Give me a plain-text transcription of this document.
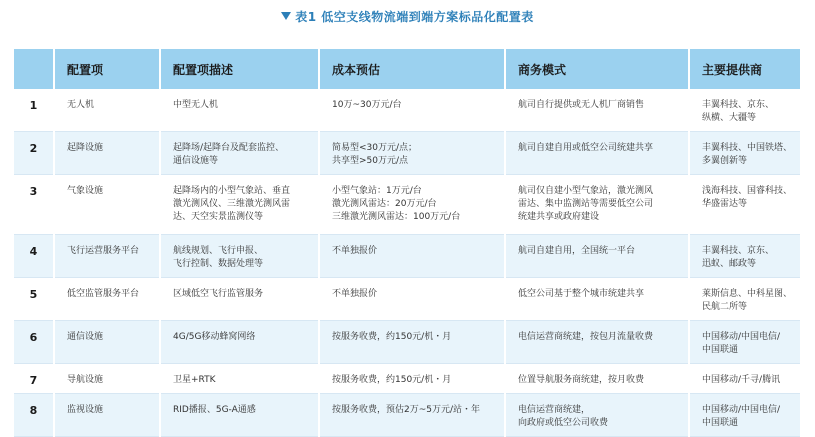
表1 低空支线物流端到端方案标品化配置表
	配置项	配置项描述	成本预估	商务模式	主要提供商
1	无人机	中型无人机	10万~30万元/台	航司自行提供或无人机厂商销售	丰翼科技、京东、
纵横、大疆等

2	起降设施	起降场/起降台及配套监控、
通信设施等	简易型<30万元/点；
共享型>50万元/点	航司自建自用或低空公司统建共享	丰翼科技、中国铁塔、
多翼创新等

3	气象设施	起降场内的小型气象站、垂直
激光测风仪、三维激光测风雷
达、天空实景监测仪等	小型气象站：1万元/台
激光测风雷达：20万元/台
三维激光测风雷达：100万元/台	航司仅自建小型气象站，激光测风
雷达、集中监测站等需要低空公司
统建共享或政府建设	浅海科技、国睿科技、
华盛雷达等

4	飞行运营服务平台	航线规划、飞行申报、
飞行控制、数据处理等	不单独报价	航司自建自用，全国统一平台	丰翼科技、京东、
迅蚁、邮政等

5	低空监管服务平台	区域低空飞行监管服务	不单独报价	低空公司基于整个城市统建共享	莱斯信息、中科星图、
民航二所等

6	通信设施	4G/5G移动蜂窝网络	按服务收费，约150元/机・月	电信运营商统建，按包月流量收费	中国移动/中国电信/
中国联通

7	导航设施	卫星+RTK	按服务收费，约150元/机・月	位置导航服务商统建，按月收费	中国移动/千寻/腾讯

8	监视设施	RID播报、5G-A通感	按服务收费，预估2万~5万元/站・年	电信运营商统建，
向政府或低空公司收费	中国移动/中国电信/
中国联通
